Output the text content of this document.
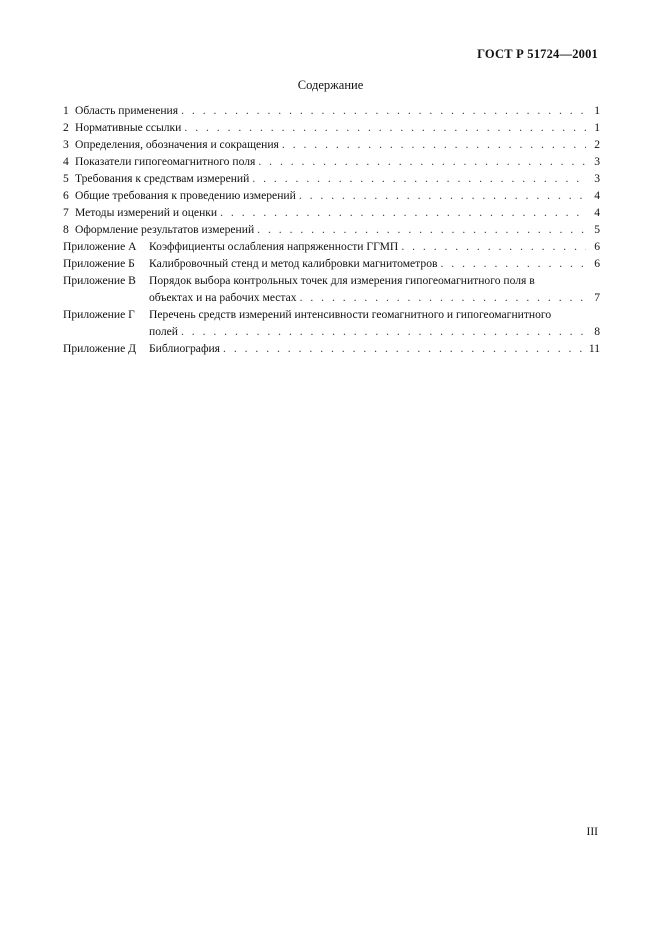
ГОСТ Р 51724—2001
Содержание
1 Область применения . . .	1
2 Нормативные ссылки . . .	1
3 Определения, обозначения и сокращения . . .	2
4 Показатели гипогеомагнитного поля . . .	3
5 Требования к средствам измерений . . .	3
6 Общие требования к проведению измерений . . .	4
7 Методы измерений и оценки . . .	4
8 Оформление результатов измерений . . .	5
Приложение А	Коэффициенты ослабления напряженности ГГМП . . .	6
Приложение Б	Калибровочный стенд и метод калибровки магнитометров . . .	6
Приложение В	Порядок выбора контрольных точек для измерения гипогеомагнитного поля в
объектах и на рабочих местах . . .	7
Приложение Г	Перечень средств измерений интенсивности геомагнитного и гипогеомагнитного
полей . . .	8
Приложение Д	Библиография . . .	11
III
